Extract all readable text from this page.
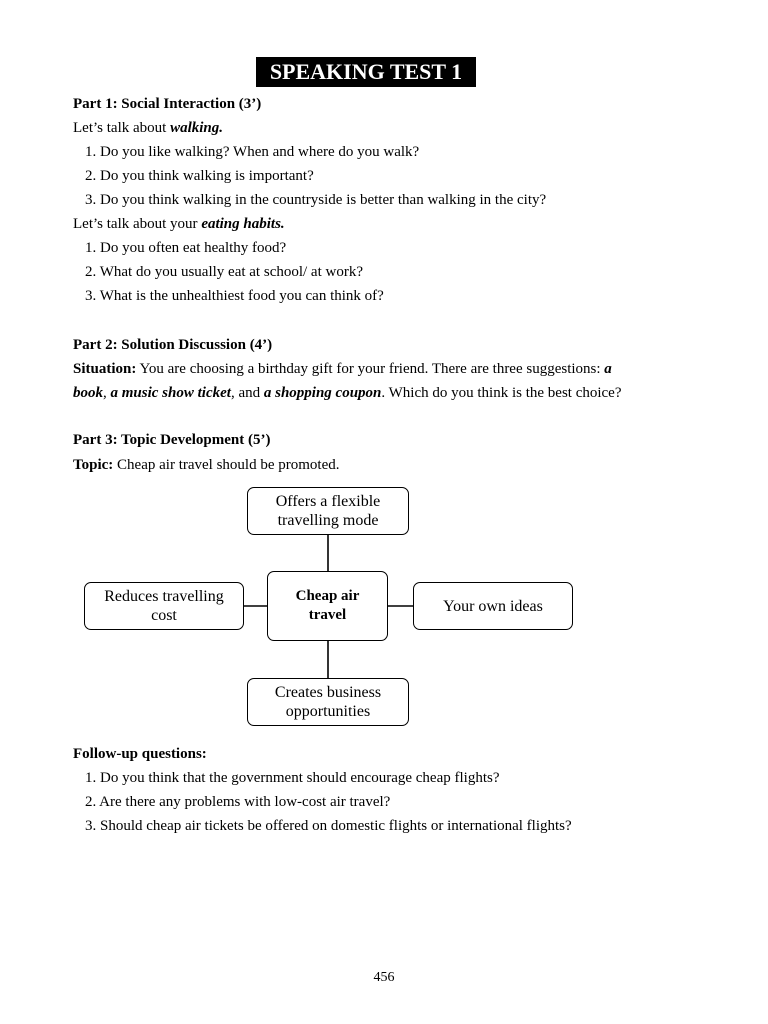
SPEAKING TEST 1
Part 1: Social Interaction (3’)
Let’s talk about walking.
1. Do you like walking? When and where do you walk?
2. Do you think walking is important?
3. Do you think walking in the countryside is better than walking in the city?
Let’s talk about your eating habits.
1. Do you often eat healthy food?
2. What do you usually eat at school/ at work?
3. What is the unhealthiest food you can think of?
Part 2: Solution Discussion (4’)
Situation: You are choosing a birthday gift for your friend. There are three suggestions: a
book, a music show ticket, and a shopping coupon. Which do you think is the best choice?
Part 3: Topic Development (5’)
Topic: Cheap air travel should be promoted.
Offers a flexible
travelling mode
Reduces travelling
cost
Cheap air
travel
Your own ideas
Creates business
opportunities
Follow-up questions:
1. Do you think that the government should encourage cheap flights?
2. Are there any problems with low-cost air travel?
3. Should cheap air tickets be offered on domestic flights or international flights?
456
